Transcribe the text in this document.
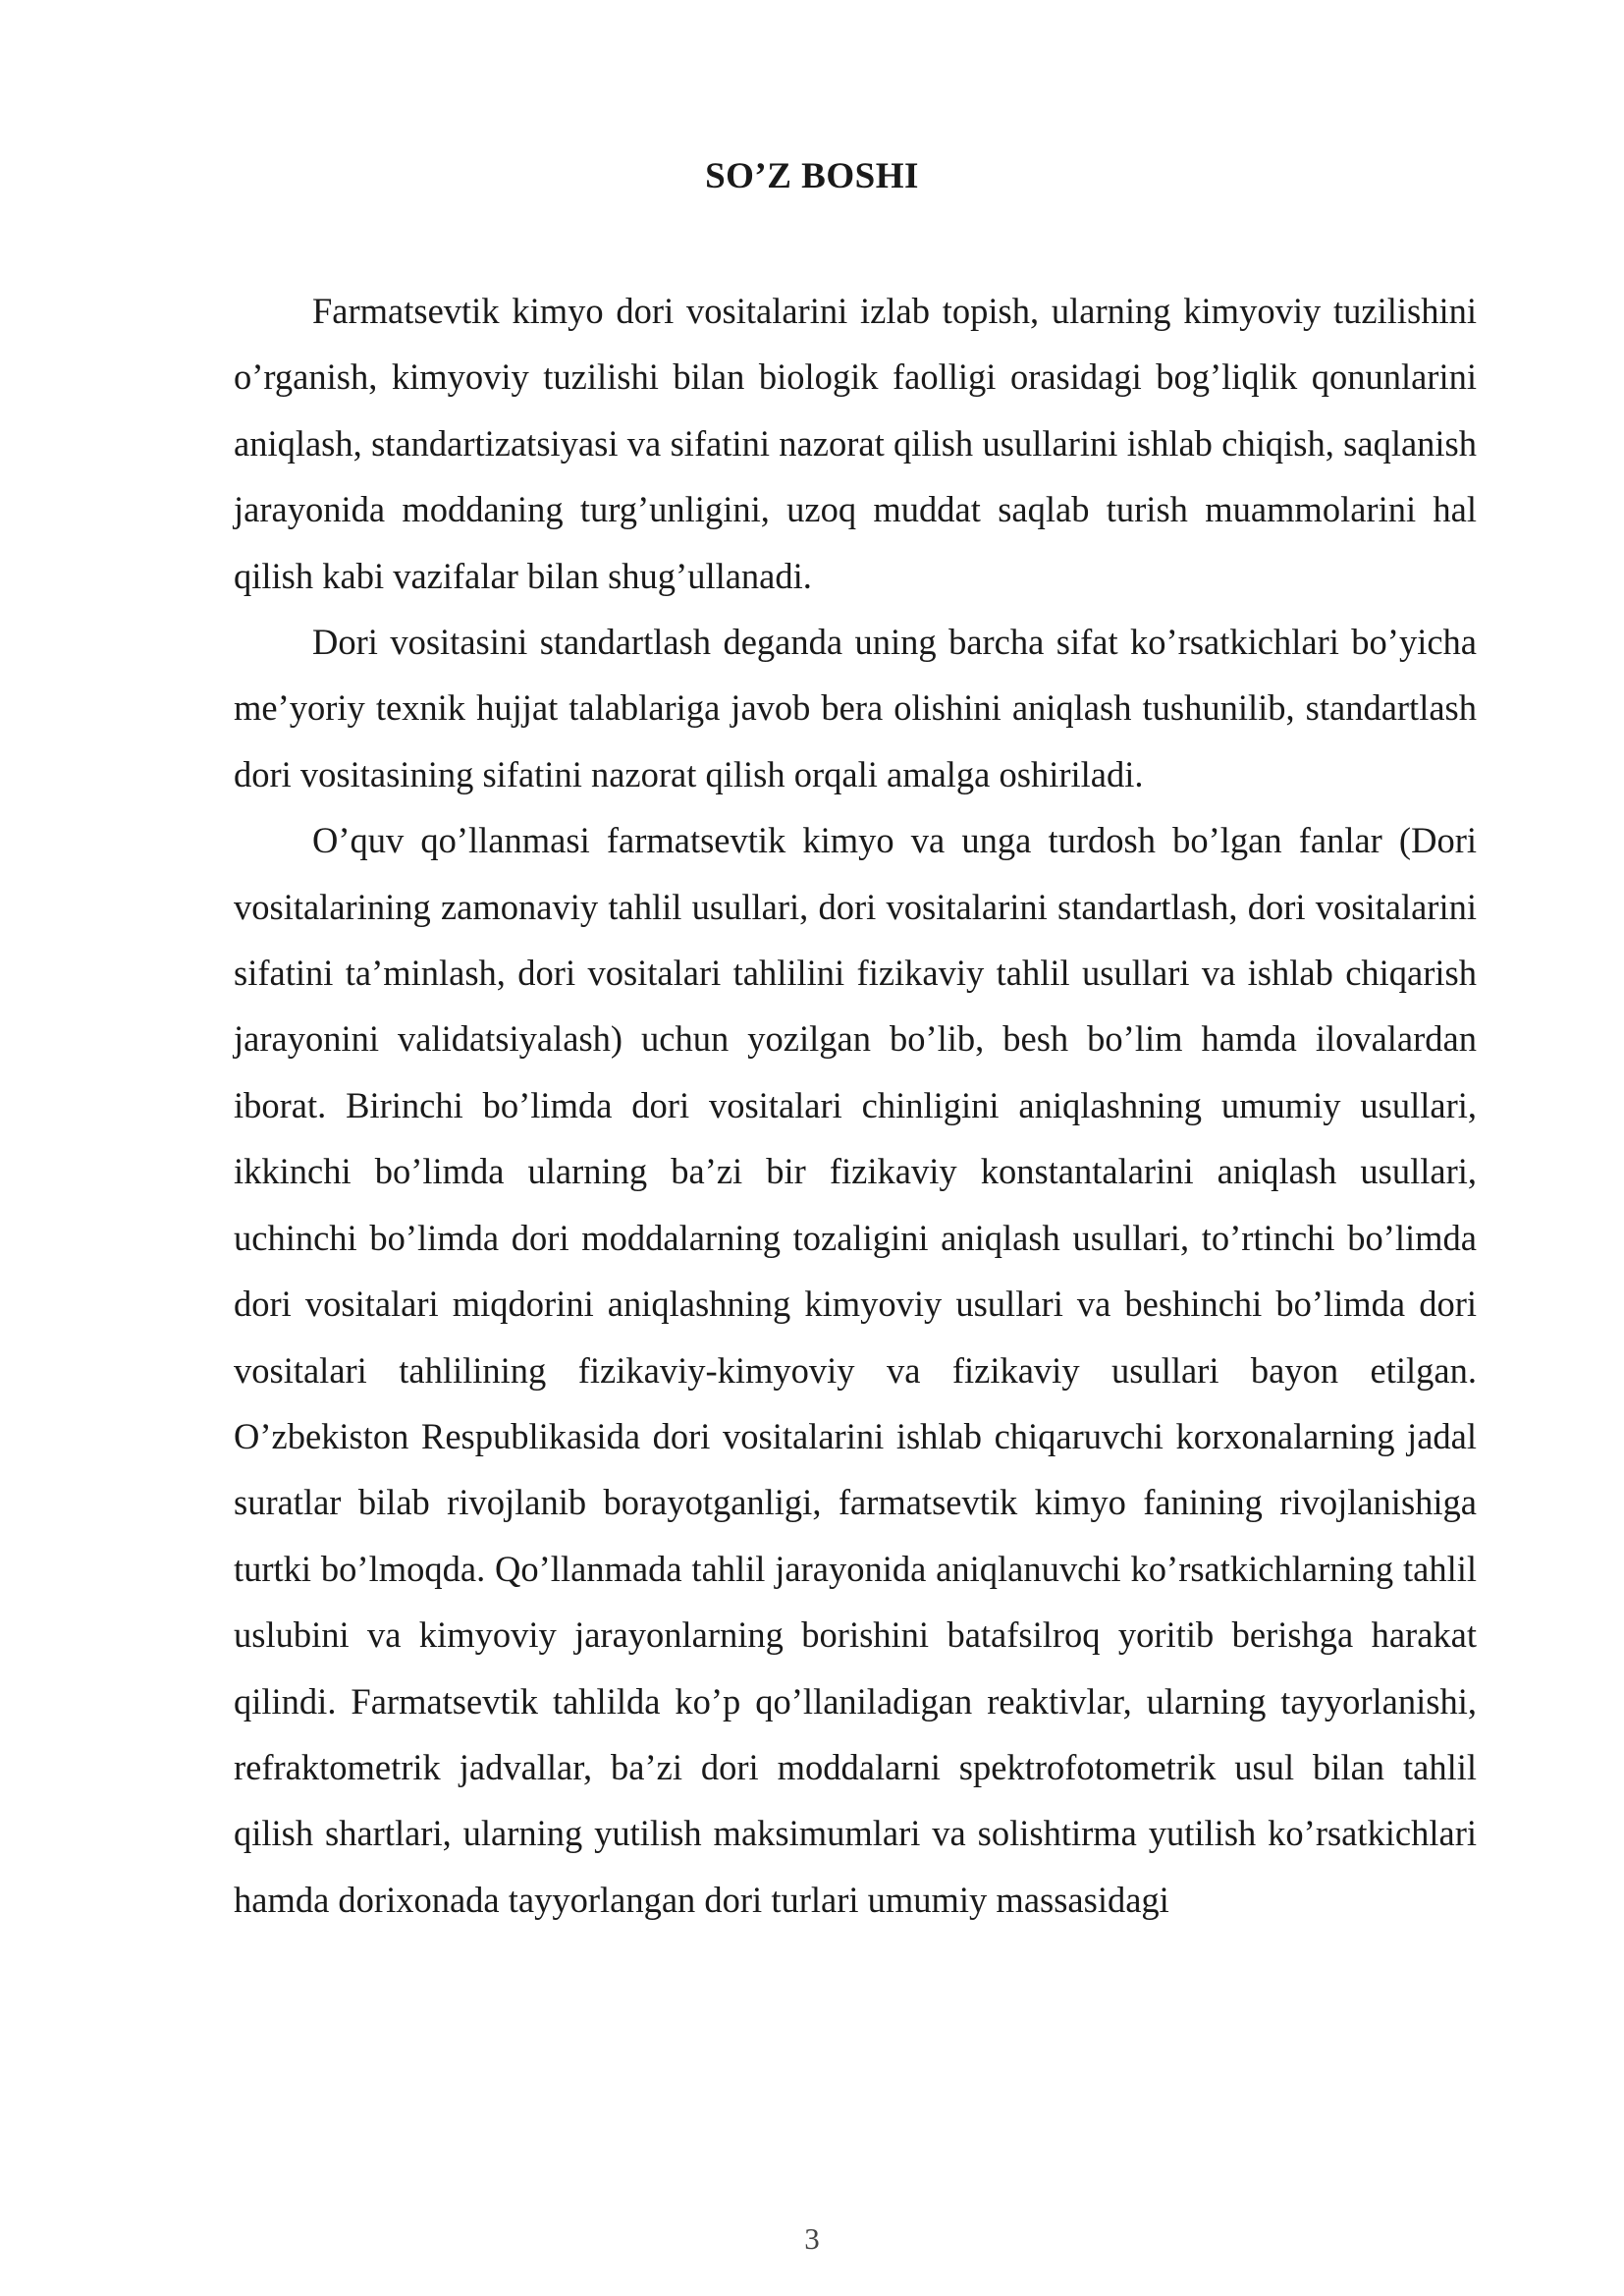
SO’Z BOSHI

Farmatsevtik kimyo dori vositalarini izlab topish, ularning kimyoviy tuzilishini o’rganish, kimyoviy tuzilishi bilan biologik faolligi orasidagi bog’liqlik qonunlarini aniqlash, standartizatsiyasi va sifatini nazorat qilish usullarini ishlab chiqish, saqlanish jarayonida moddaning turg’unligini, uzoq muddat saqlab turish muammolarini hal qilish kabi vazifalar bilan shug’ullanadi.

Dori vositasini standartlash deganda uning barcha sifat ko’rsatkichlari bo’yicha me’yoriy texnik hujjat talablariga javob bera olishini aniqlash tushunilib, standartlash dori vositasining sifatini nazorat qilish orqali amalga oshiriladi.

O’quv qo’llanmasi farmatsevtik kimyo va unga turdosh bo’lgan fanlar (Dori vositalarining zamonaviy tahlil usullari, dori vositalarini standartlash, dori vositalarini sifatini ta’minlash, dori vositalari tahlilini fizikaviy tahlil usullari va ishlab chiqarish jarayonini validatsiyalash) uchun yozilgan bo’lib, besh bo’lim hamda ilovalardan iborat. Birinchi bo’limda dori vositalari chinligini aniqlashning umumiy usullari, ikkinchi bo’limda ularning ba’zi bir fizikaviy konstantalarini aniqlash usullari, uchinchi bo’limda dori moddalarning tozaligini aniqlash usullari, to’rtinchi bo’limda dori vositalari miqdorini aniqlashning kimyoviy usullari va beshinchi bo’limda dori vositalari tahlilining fizikaviy-kimyoviy va fizikaviy usullari bayon etilgan. O’zbekiston Respublikasida dori vositalarini ishlab chiqaruvchi korxonalarning jadal suratlar bilab rivojlanib borayotganligi, farmatsevtik kimyo fanining rivojlanishiga turtki bo’lmoqda. Qo’llanmada tahlil jarayonida aniqlanuvchi ko’rsatkichlarning tahlil uslubini va kimyoviy jarayonlarning borishini batafsilroq yoritib berishga harakat qilindi. Farmatsevtik tahlilda ko’p qo’llaniladigan reaktivlar, ularning tayyorlanishi, refraktometrik jadvallar, ba’zi dori moddalarni spektrofotometrik usul bilan tahlil qilish shartlari, ularning yutilish maksimumlari va solishtirma yutilish ko’rsatkichlari hamda dorixonada tayyorlangan dori turlari umumiy massasidagi

3
